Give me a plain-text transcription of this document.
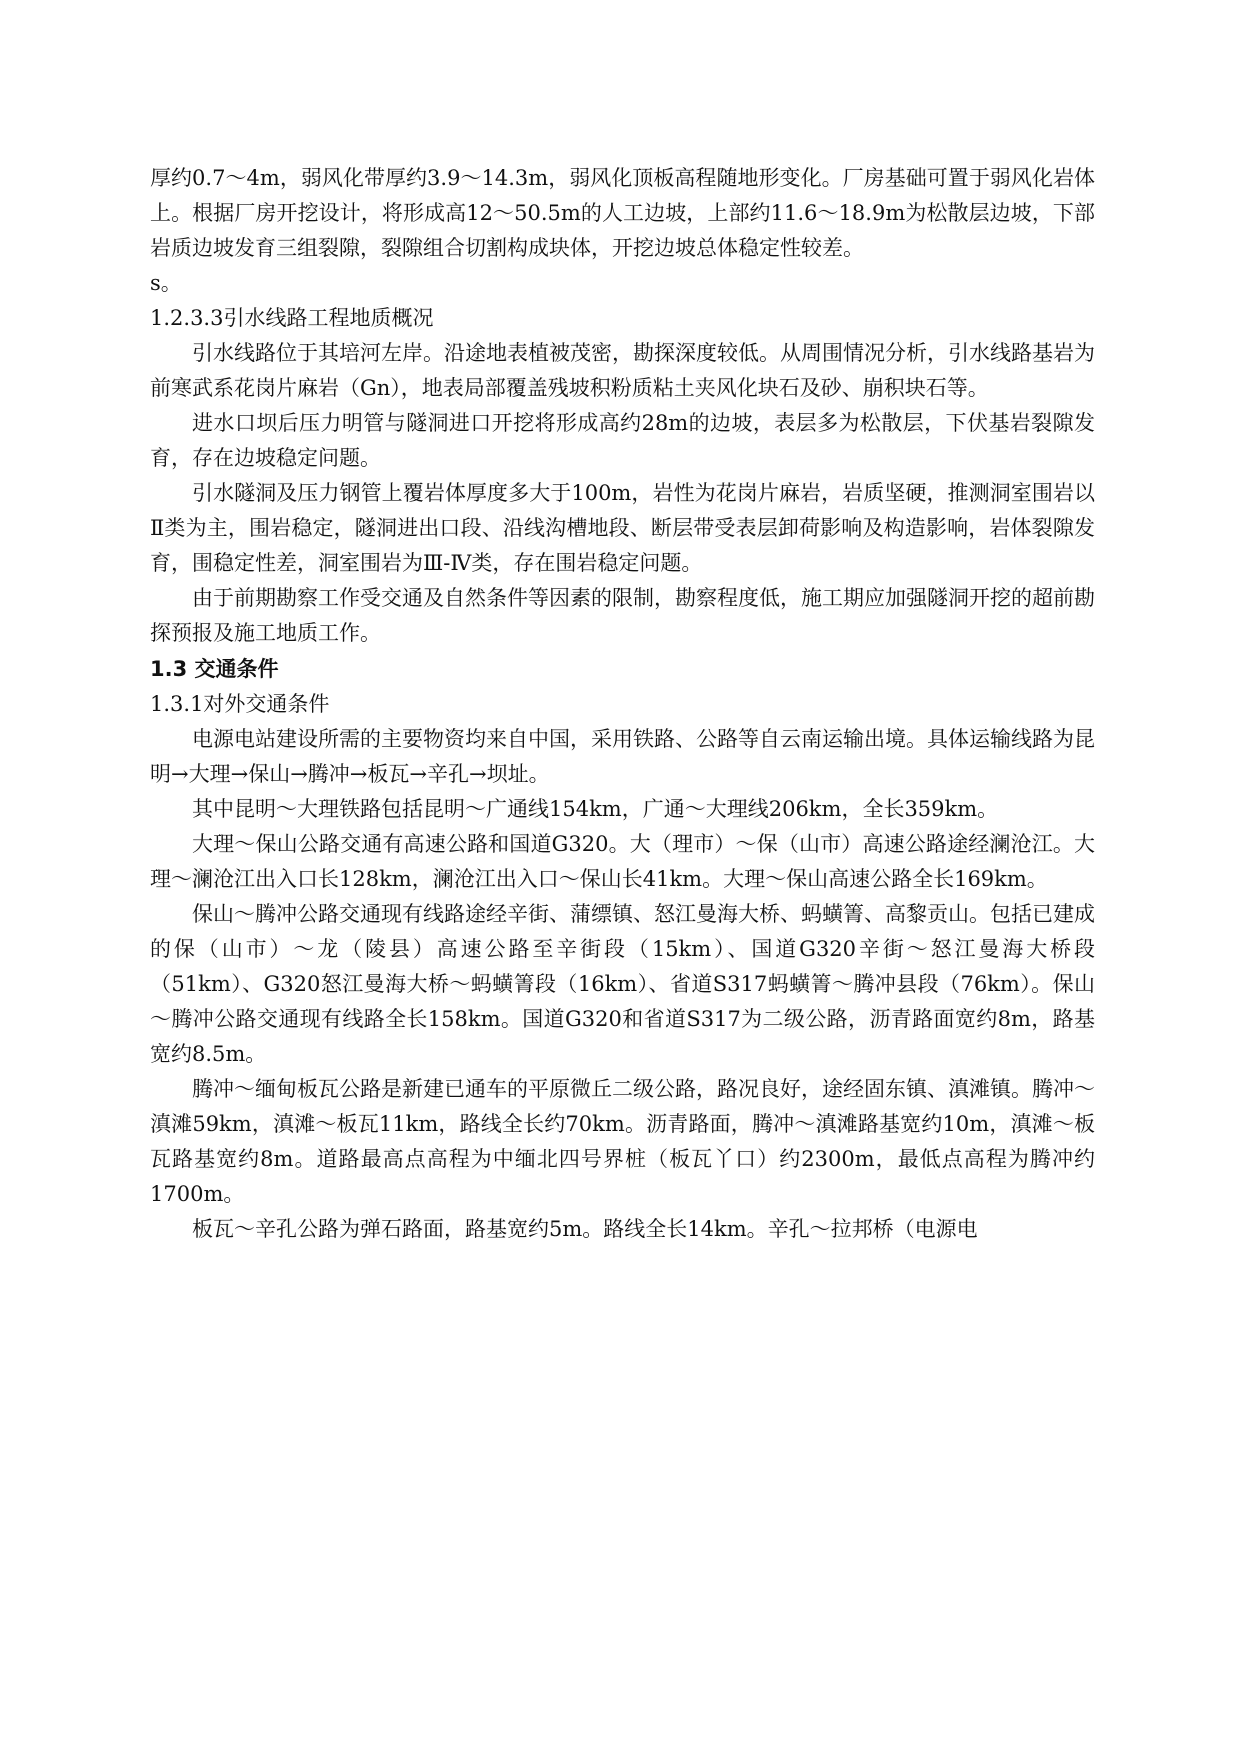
厚约0.7～4m，弱风化带厚约3.9～14.3m，弱风化顶板高程随地形变化。厂房基础可置于弱风化岩体上。根据厂房开挖设计，将形成高12～50.5m的人工边坡，上部约11.6～18.9m为松散层边坡，下部岩质边坡发育三组裂隙，裂隙组合切割构成块体，开挖边坡总体稳定性较差。

s。

1.2.3.3引水线路工程地质概况

引水线路位于其培河左岸。沿途地表植被茂密，勘探深度较低。从周围情况分析，引水线路基岩为前寒武系花岗片麻岩（Gn），地表局部覆盖残坡积粉质粘土夹风化块石及砂、崩积块石等。

进水口坝后压力明管与隧洞进口开挖将形成高约28m的边坡，表层多为松散层，下伏基岩裂隙发育，存在边坡稳定问题。

引水隧洞及压力钢管上覆岩体厚度多大于100m，岩性为花岗片麻岩，岩质坚硬，推测洞室围岩以Ⅱ类为主，围岩稳定，隧洞进出口段、沿线沟槽地段、断层带受表层卸荷影响及构造影响，岩体裂隙发育，围稳定性差，洞室围岩为Ⅲ-Ⅳ类，存在围岩稳定问题。

由于前期勘察工作受交通及自然条件等因素的限制，勘察程度低，施工期应加强隧洞开挖的超前勘探预报及施工地质工作。

1.3 交通条件

1.3.1对外交通条件

电源电站建设所需的主要物资均来自中国，采用铁路、公路等自云南运输出境。具体运输线路为昆明→大理→保山→腾冲→板瓦→辛孔→坝址。

其中昆明～大理铁路包括昆明～广通线154km，广通～大理线206km，全长359km。

大理～保山公路交通有高速公路和国道G320。大（理市）～保（山市）高速公路途经澜沧江。大理～澜沧江出入口长128km，澜沧江出入口～保山长41km。大理～保山高速公路全长169km。

保山～腾冲公路交通现有线路途经辛街、蒲缥镇、怒江曼海大桥、蚂蟥箐、高黎贡山。包括已建成的保（山市）～龙（陵县）高速公路至辛街段（15km）、国道G320辛街～怒江曼海大桥段（51km）、G320怒江曼海大桥～蚂蟥箐段（16km）、省道S317蚂蟥箐～腾冲县段（76km）。保山～腾冲公路交通现有线路全长158km。国道G320和省道S317为二级公路，沥青路面宽约8m，路基宽约8.5m。

腾冲～缅甸板瓦公路是新建已通车的平原微丘二级公路，路况良好，途经固东镇、滇滩镇。腾冲～滇滩59km，滇滩～板瓦11km，路线全长约70km。沥青路面，腾冲～滇滩路基宽约10m，滇滩～板瓦路基宽约8m。道路最高点高程为中缅北四号界桩（板瓦丫口）约2300m，最低点高程为腾冲约1700m。

板瓦～辛孔公路为弹石路面，路基宽约5m。路线全长14km。辛孔～拉邦桥（电源电
